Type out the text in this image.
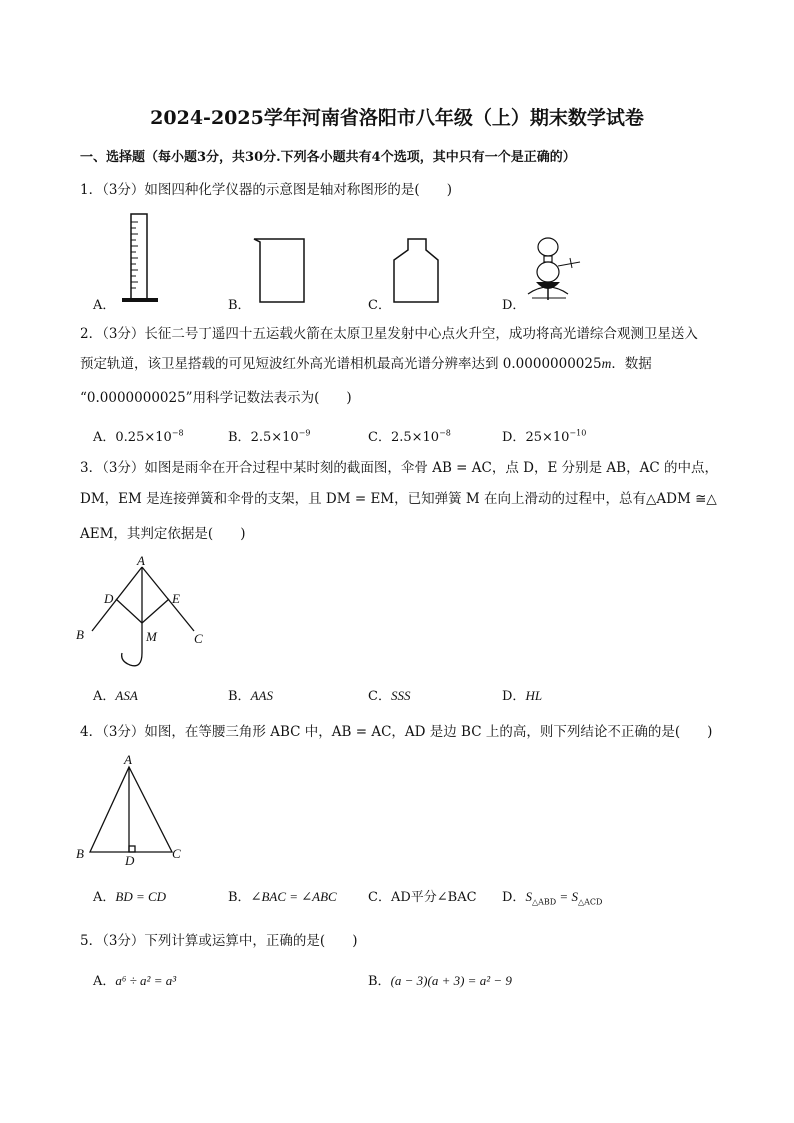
2024-2025学年河南省洛阳市八年级（上）期末数学试卷
一、选择题（每小题3分，共30分.下列各小题共有4个选项，其中只有一个是正确的）
1．（3分）如图四种化学仪器的示意图是轴对称图形的是(　　)
A．	B．	C．	D．
2．（3分）长征二号丁遥四十五运载火箭在太原卫星发射中心点火升空，成功将高光谱综合观测卫星送入
预定轨道，该卫星搭载的可见短波红外高光谱相机最高光谱分辨率达到 0.0000000025m．数据
“0.0000000025”用科学记数法表示为(　　)
A．$0.25\times 10^{-8}$	B．$2.5\times 10^{-9}$	C．$2.5\times 10^{-8}$	D．$25\times 10^{-10}$
3．（3分）如图是雨伞在开合过程中某时刻的截面图，伞骨 AB = AC，点 D，E 分别是 AB，AC 的中点，
DM，EM 是连接弹簧和伞骨的支架，且 DM = EM，已知弹簧 M 在向上滑动的过程中，总有△ADM ≅△
AEM，其判定依据是(　　)
A
D	E
B	M	C
A．ASA	B．AAS	C．SSS	D．HL
4．（3分）如图，在等腰三角形 ABC 中，AB = AC，AD 是边 BC 上的高，则下列结论不正确的是(　　)
A
B	D	C
A．BD = CD	B．∠BAC = ∠ABC C．AD平分∠BAC D．$S_{\triangle ABD} = S_{\triangle ACD}$
5．（3分）下列计算或运算中，正确的是(　　)
A．a⁶ ÷ a² = a³	B．(a − 3)(a + 3) = a² − 9
